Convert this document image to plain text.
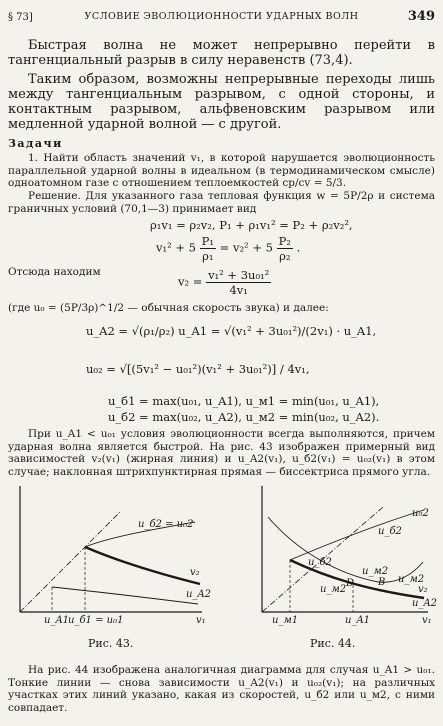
§ 73]	УСЛОВИЕ ЭВОЛЮЦИОННОСТИ УДАРНЫХ ВОЛН	349

Быстрая волна не может непрерывно перейти в тангенциальный разрыв в силу неравенств (73,4).

Таким образом, возможны непрерывные переходы лишь между тангенциальным разрывом, с одной стороны, и контактным разрывом, альфвеновским разрывом или медленной ударной волной — с другой.

Задачи

1. Найти область значений v₁, в которой нарушается эволюционность параллельной ударной волны в идеальном (в термодинамическом смысле) одноатомном газе с отношением теплоемкостей cp/cv = 5/3.

Решение. Для указанного газа тепловая функция w = 5P/2ρ и система граничных условий (70,1—3) принимает вид

ρ₁v₁ = ρ₂v₂, P₁ + ρ₁v₁² = P₂ + ρ₂v₂²,
$v_1^2 + 5 \frac{\text{P₁}}{\text{ρ₁}} = v_2^2 + 5 \frac{\text{P₂}}{\text{ρ₂}}$ .

Отсюда находим

$v_2 = \frac{\text{v₁² + 3u₀₁²}}{\text{4v₁}}$

(где u₀ = (5P/3ρ)^1/2 — обычная скорость звука) и далее:

u_A2 = √(ρ₁/ρ₂) u_A1 = √(v₁² + 3u₀₁²)/(2v₁) · u_A1,
u₀₂ = √[(5v₁² − u₀₁²)(v₁² + 3u₀₁²)] / 4v₁,
u_б1 = max(u₀₁, u_A1), u_м1 = min(u₀₁, u_A1),
u_б2 = max(u₀₂, u_A2), u_м2 = min(u₀₂, u_A2).

При u_A1 < u₀₁ условия эволюционности всегда выполняются, причем ударная волна является быстрой. На рис. 43 изображен примерный вид зависимостей v₂(v₁) (жирная линия) и u_A2(v₁), u_б2(v₁) = u₀₂(v₁) в этом случае; наклонная штрихпунктирная прямая — биссектриса прямого угла.

u_б2 = u₀2
v₂
u_A2
u_A1
u_б1 = u₀1	v₁
Рис. 43.
u₀2
u_б2
u_б2
v₂
u_м2
u_A2
u_м2
В
D
u_м2
u_м1	u_A1	v₁
Рис. 44.

На рис. 44 изображена аналогичная диаграмма для случая u_A1 > u₀₁. Тонкие линии — снова зависимости u_A2(v₁) и u₀₂(v₁); на различных участках этих линий указано, какая из скоростей, u_б2 или u_м2, с ними совпадает.
